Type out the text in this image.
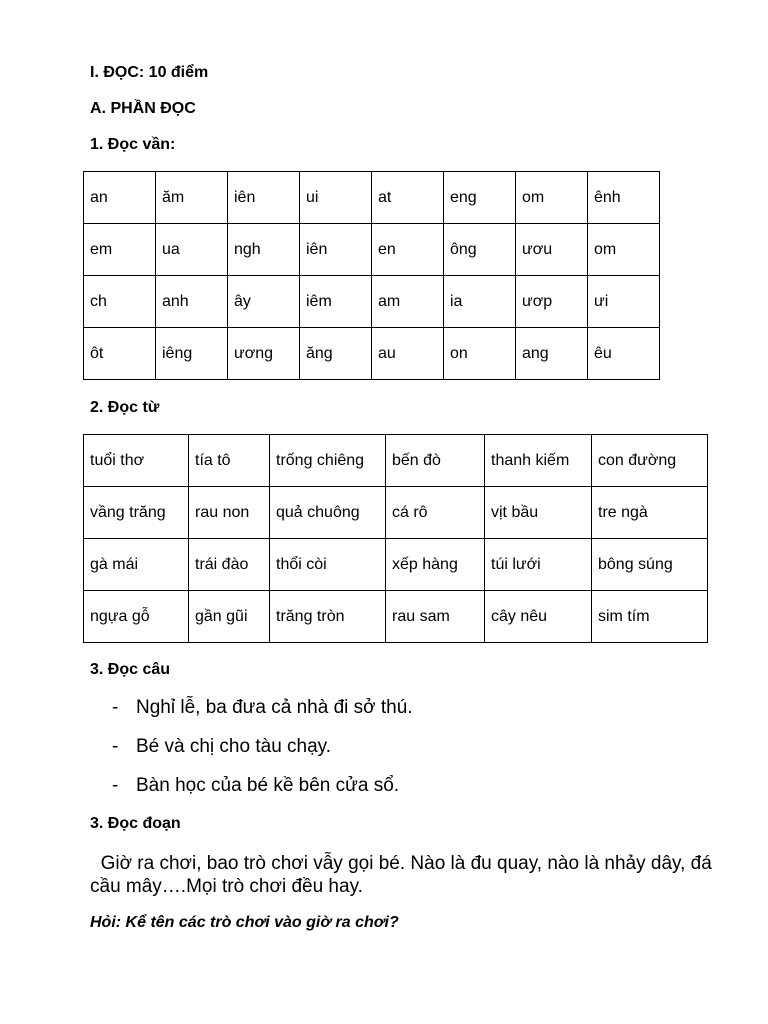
I. ĐỌC: 10 điểm

A. PHẦN ĐỌC

1. Đọc vần:

an	ăm	iên	ui	at	eng	om	ênh
em	ua	ngh	iên	en	ông	ươu	om
ch	anh	ây	iêm	am	ia	ươp	ưi
ôt	iêng	ương	ăng	au	on	ang	êu

2. Đọc từ

tuổi thơ	tía tô	trống chiêng	bến đò	thanh kiếm	con đường
vầng trăng	rau non	quả chuông	cá rô	vịt bầu	tre ngà
gà mái	trái đào	thổi còi	xếp hàng	túi lưới	bông súng
ngựa gỗ	gần gũi	trăng tròn	rau sam	cây nêu	sim tím

3. Đọc câu

- Nghỉ lễ, ba đưa cả nhà đi sở thú.

- Bé và chị cho tàu chạy.

- Bàn học của bé kề bên cửa sổ.

3. Đọc đoạn

Giờ ra chơi, bao trò chơi vẫy gọi bé. Nào là đu quay, nào là nhảy dây, đá cầu mây….Mọi trò chơi đều hay.

Hỏi: Kể tên các trò chơi vào giờ ra chơi?
